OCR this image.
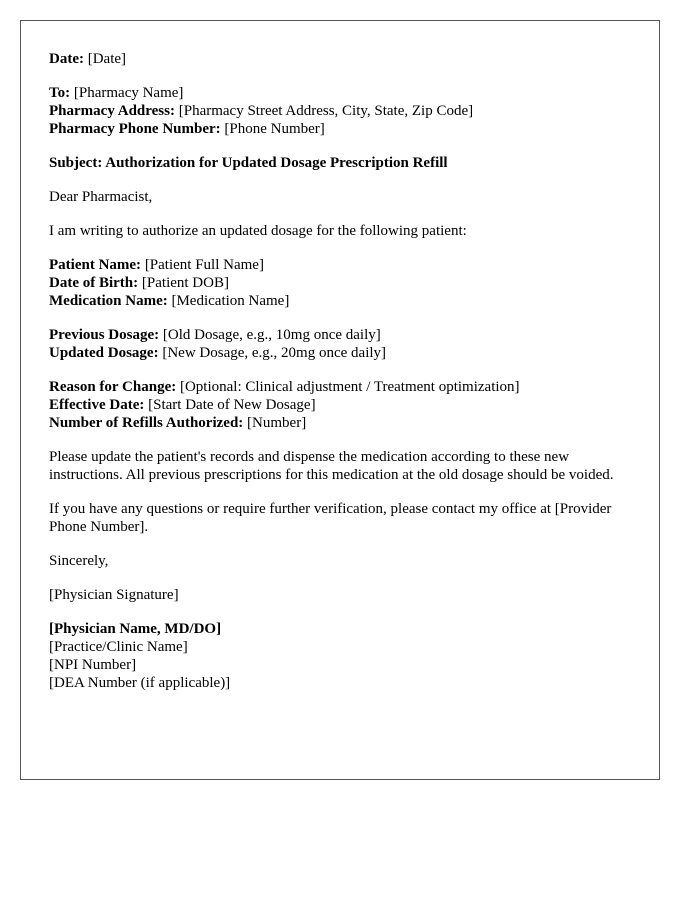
Date: [Date]

To: [Pharmacy Name]

Pharmacy Address: [Pharmacy Street Address, City, State, Zip Code]

Pharmacy Phone Number: [Phone Number]

Subject: Authorization for Updated Dosage Prescription Refill

Dear Pharmacist,

I am writing to authorize an updated dosage for the following patient:

Patient Name: [Patient Full Name]

Date of Birth: [Patient DOB]

Medication Name: [Medication Name]

Previous Dosage: [Old Dosage, e.g., 10mg once daily]

Updated Dosage: [New Dosage, e.g., 20mg once daily]

Reason for Change: [Optional: Clinical adjustment / Treatment optimization]

Effective Date: [Start Date of New Dosage]

Number of Refills Authorized: [Number]

Please update the patient's records and dispense the medication according to these new instructions. All previous prescriptions for this medication at the old dosage should be voided.

If you have any questions or require further verification, please contact my office at [Provider Phone Number].

Sincerely,

[Physician Signature]

[Physician Name, MD/DO]

[Practice/Clinic Name]

[NPI Number]

[DEA Number (if applicable)]
